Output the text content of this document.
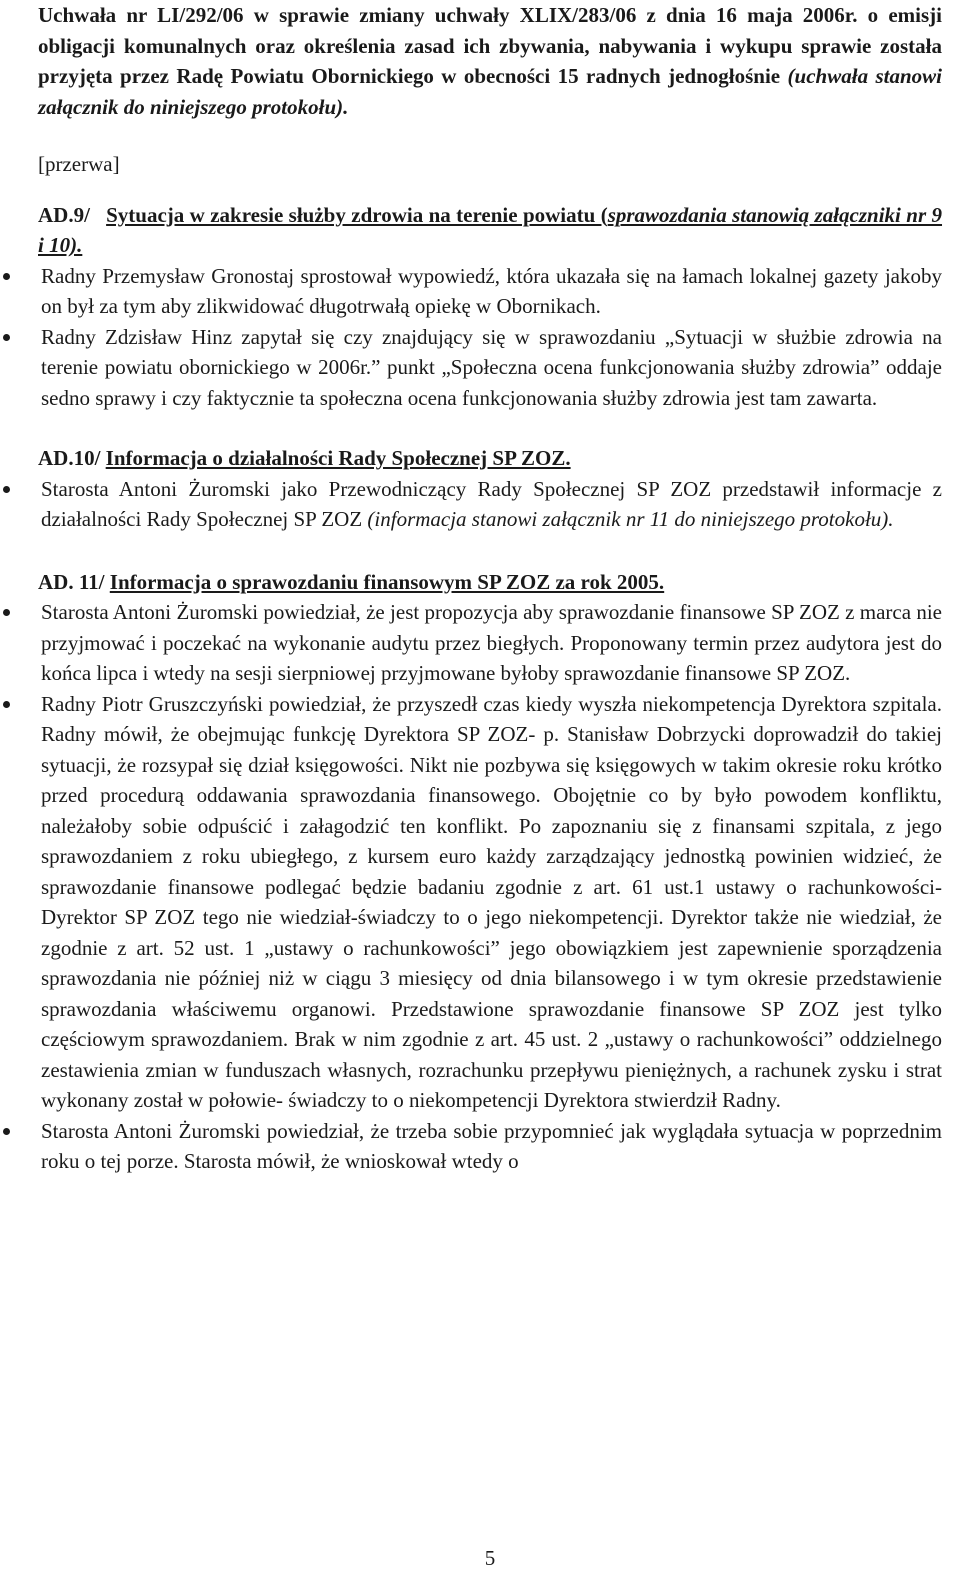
Uchwała nr LI/292/06 w sprawie zmiany uchwały XLIX/283/06 z dnia 16 maja 2006r. o emisji obligacji komunalnych oraz określenia zasad ich zbywania, nabywania i wykupu sprawie została przyjęta przez Radę Powiatu Obornickiego w obecności 15 radnych jednogłośnie (uchwała stanowi załącznik do niniejszego protokołu).

[przerwa]

AD.9/ Sytuacja w zakresie służby zdrowia na terenie powiatu (sprawozdania stanowią załączniki nr 9 i 10).

Radny Przemysław Gronostaj sprostował wypowiedź, która ukazała się na łamach lokalnej gazety jakoby on był za tym aby zlikwidować długotrwałą opiekę w Obornikach.
Radny Zdzisław Hinz zapytał się czy znajdujący się w sprawozdaniu „Sytuacji w służbie zdrowia na terenie powiatu obornickiego w 2006r.” punkt „Społeczna ocena funkcjonowania służby zdrowia” oddaje sedno sprawy i czy faktycznie ta społeczna ocena funkcjonowania służby zdrowia jest tam zawarta.

AD.10/ Informacja o działalności Rady Społecznej SP ZOZ.

Starosta Antoni Żuromski jako Przewodniczący Rady Społecznej SP ZOZ przedstawił informacje z działalności Rady Społecznej SP ZOZ (informacja stanowi załącznik nr 11 do niniejszego protokołu).

AD. 11/ Informacja o sprawozdaniu finansowym SP ZOZ za rok 2005.

Starosta Antoni Żuromski powiedział, że jest propozycja aby sprawozdanie finansowe SP ZOZ z marca nie przyjmować i poczekać na wykonanie audytu przez biegłych. Proponowany termin przez audytora jest do końca lipca i wtedy na sesji sierpniowej przyjmowane byłoby sprawozdanie finansowe SP ZOZ.
Radny Piotr Gruszczyński powiedział, że przyszedł czas kiedy wyszła niekompetencja Dyrektora szpitala. Radny mówił, że obejmując funkcję Dyrektora SP ZOZ- p. Stanisław Dobrzycki doprowadził do takiej sytuacji, że rozsypał się dział księgowości. Nikt nie pozbywa się księgowych w takim okresie roku krótko przed procedurą oddawania sprawozdania finansowego. Obojętnie co by było powodem konfliktu, należałoby sobie odpuścić i załagodzić ten konflikt. Po zapoznaniu się z finansami szpitala, z jego sprawozdaniem z roku ubiegłego, z kursem euro każdy zarządzający jednostką powinien widzieć, że sprawozdanie finansowe podlegać będzie badaniu zgodnie z art. 61 ust.1 ustawy o rachunkowości- Dyrektor SP ZOZ tego nie wiedział-świadczy to o jego niekompetencji. Dyrektor także nie wiedział, że zgodnie z art. 52 ust. 1 „ustawy o rachunkowości” jego obowiązkiem jest zapewnienie sporządzenia sprawozdania nie później niż w ciągu 3 miesięcy od dnia bilansowego i w tym okresie przedstawienie sprawozdania właściwemu organowi. Przedstawione sprawozdanie finansowe SP ZOZ jest tylko częściowym sprawozdaniem. Brak w nim zgodnie z art. 45 ust. 2 „ustawy o rachunkowości” oddzielnego zestawienia zmian w funduszach własnych, rozrachunku przepływu pieniężnych, a rachunek zysku i strat wykonany został w połowie- świadczy to o niekompetencji Dyrektora stwierdził Radny.
Starosta Antoni Żuromski powiedział, że trzeba sobie przypomnieć jak wyglądała sytuacja w poprzednim roku o tej porze. Starosta mówił, że wnioskował wtedy o
5
